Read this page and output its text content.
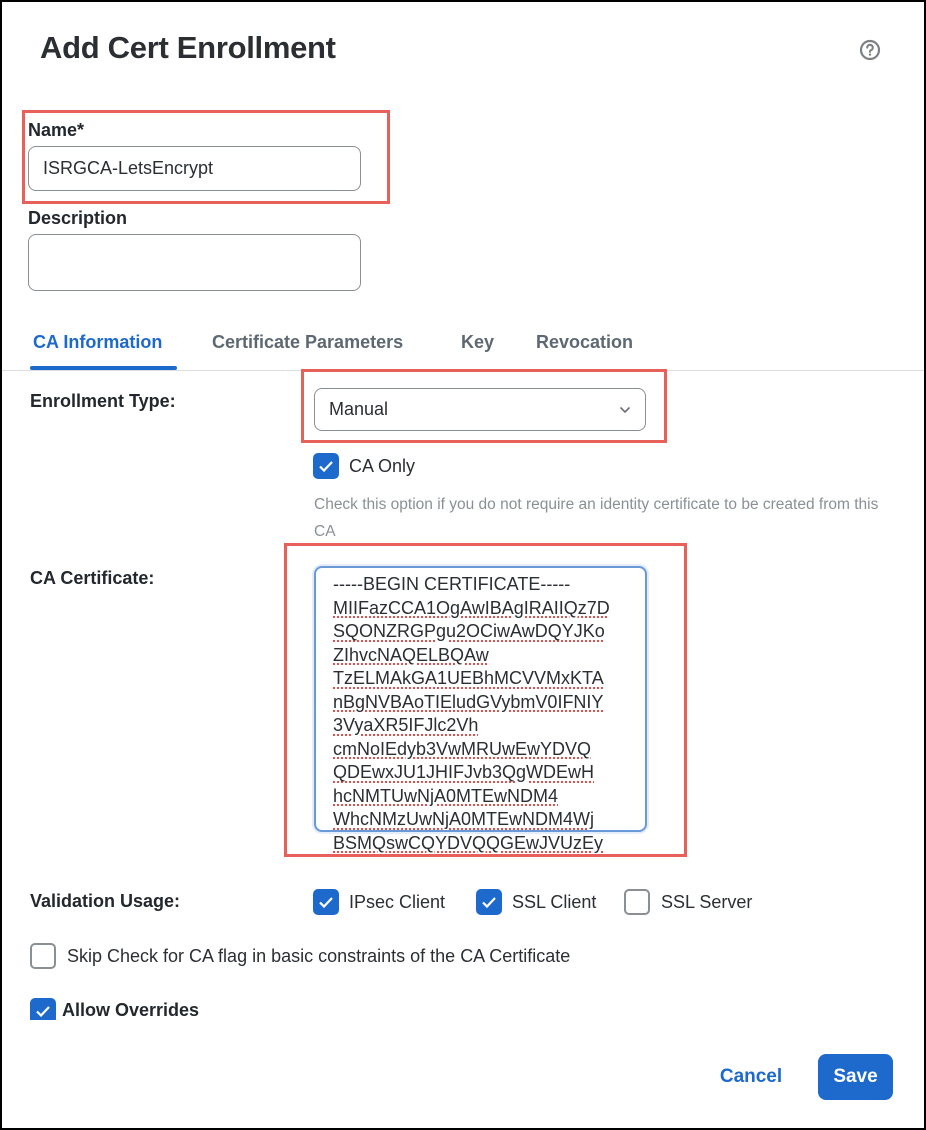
Add Cert Enrollment
Name*
ISRGCA-LetsEncrypt
Description
CA Information	Certificate Parameters	Key Revocation
Enrollment Type:	Manual
CA Only
Check this option if you do not require an identity certificate to be created from this CA
CA Certificate:	-----BEGIN CERTIFICATE-----
MIIFazCCA1OgAwIBAgIRAIIQz7D
SQONZRGPgu2OCiwAwDQYJKo
ZIhvcNAQELBQAw
TzELMAkGA1UEBhMCVVMxKTA
nBgNVBAoTIEludGVybmV0IFNIY
3VyaXR5IFJlc2Vh
cmNoIEdyb3VwMRUwEwYDVQ
QDEwxJU1JHIFJvb3QgWDEwH
hcNMTUwNjA0MTEwNDM4
WhcNMzUwNjA0MTEwNDM4Wj
BSMQswCQYDVQQGEwJVUzEy
Validation Usage:	IPsec Client	SSL Client	SSL Server
Skip Check for CA flag in basic constraints of the CA Certificate
Allow Overrides
Cancel	Save
